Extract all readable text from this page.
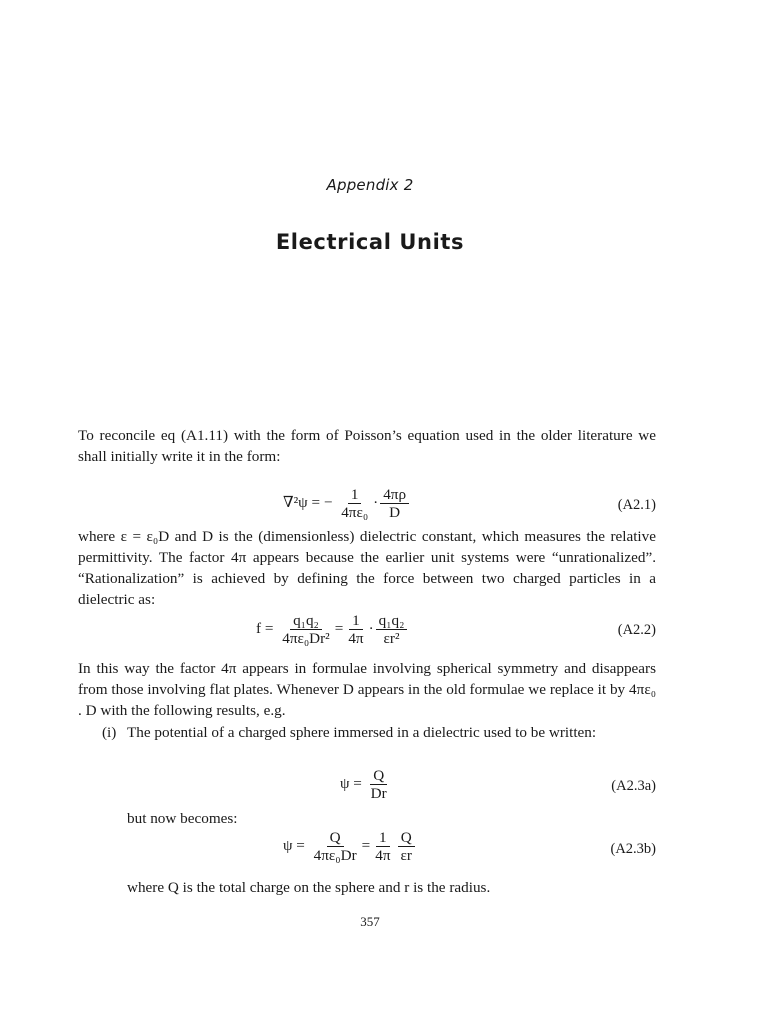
Appendix 2
Electrical Units
To reconcile eq (A1.11) with the form of Poisson’s equation used in the older literature we shall initially write it in the form:
∇²ψ = − $\frac{1}{\text{4πε₀}} \cdot \frac{4\pi\rho}{D}$	(A2.1)
where ε = ε₀D and D is the (dimensionless) dielectric constant, which measures the relative permittivity. The factor 4π appears because the earlier unit systems were “unrationalized”. “Rationalization” is achieved by defining the force between two charged particles in a dielectric as:
$f = \frac{\text{q₁q₂}}{\text{4πε₀Dr²}} = \frac{1}{4\pi} \cdot \frac{\text{q₁q₂}}{\text{εr²}}$	(A2.2)
In this way the factor 4π appears in formulae involving spherical symmetry and disappears from those involving flat plates. Whenever D appears in the old formulae we replace it by 4πε₀ . D with the following results, e.g.
(i) The potential of a charged sphere immersed in a dielectric used to be written:
$\psi = \frac{Q}{Dr}$	(A2.3a)
but now becomes:
$\psi = \frac{Q}{\text{4πε₀Dr}} = \frac{1}{4\pi} \frac{Q}{\varepsilon r}$	(A2.3b)
where Q is the total charge on the sphere and r is the radius.
357
